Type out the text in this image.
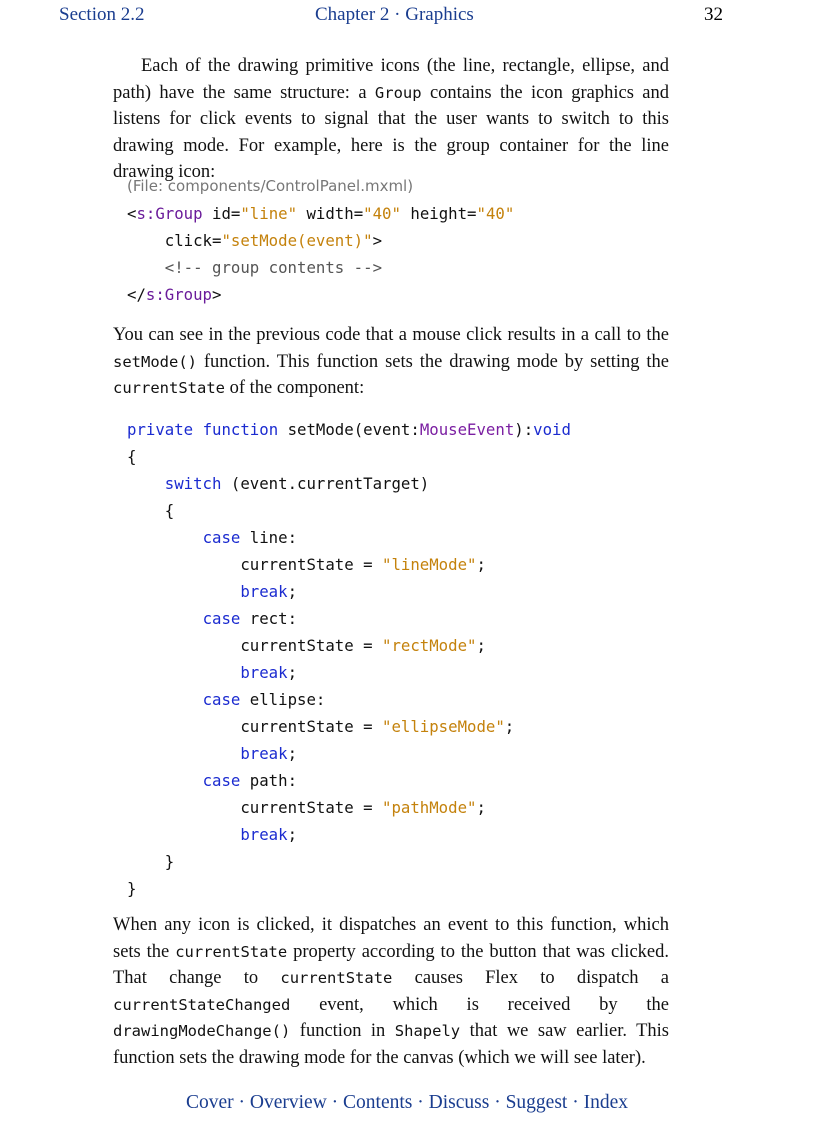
Section 2.2	Chapter 2 · Graphics	32
Each of the drawing primitive icons (the line, rectangle, ellipse, and path) have the same structure: a Group contains the icon graphics and listens for click events to signal that the user wants to switch to this drawing mode. For example, here is the group container for the line drawing icon:
(File: components/ControlPanel.mxml)
<s:Group id="line" width="40" height="40"
click="setMode(event)">
<!-- group contents -->
</s:Group>
You can see in the previous code that a mouse click results in a call to the setMode() function. This function sets the drawing mode by setting the currentState of the component:
private function setMode(event:MouseEvent):void
{
switch (event.currentTarget)
{
case line:
currentState = "lineMode";
break;
case rect:
currentState = "rectMode";
break;
case ellipse:
currentState = "ellipseMode";
break;
case path:
currentState = "pathMode";
break;
}
}
When any icon is clicked, it dispatches an event to this function, which sets the currentState property according to the button that was clicked. That change to currentState causes Flex to dispatch a currentStateChanged event, which is received by the drawingModeChange() function in Shapely that we saw earlier. This function sets the drawing mode for the canvas (which we will see later).
Cover · Overview · Contents · Discuss · Suggest · Index
